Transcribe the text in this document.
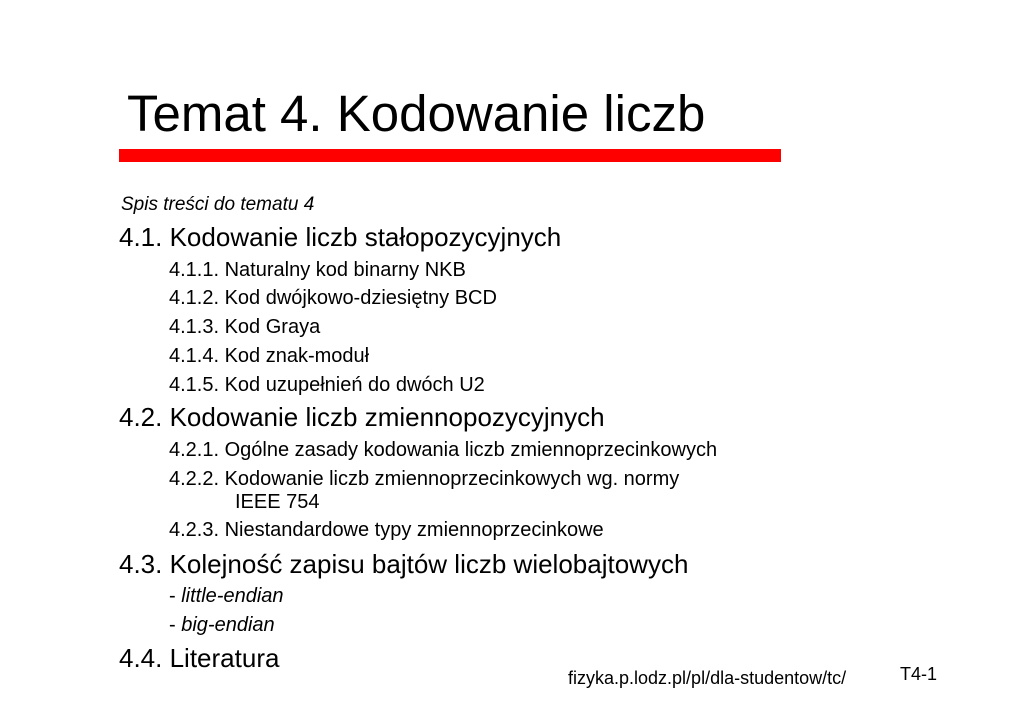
Temat 4. Kodowanie liczb
Spis treści do tematu 4
4.1. Kodowanie liczb stałopozycyjnych
4.1.1. Naturalny kod binarny NKB
4.1.2. Kod dwójkowo-dziesiętny BCD
4.1.3. Kod Graya
4.1.4. Kod znak-moduł
4.1.5. Kod uzupełnień do dwóch U2
4.2. Kodowanie liczb zmiennopozycyjnych
4.2.1. Ogólne zasady kodowania liczb zmiennoprzecinkowych
4.2.2. Kodowanie liczb zmiennoprzecinkowych wg. normy
IEEE 754
4.2.3. Niestandardowe typy zmiennoprzecinkowe
4.3. Kolejność zapisu bajtów liczb wielobajtowych
- little-endian
- big-endian
4.4. Literatura
fizyka.p.lodz.pl/pl/dla-studentow/tc/	T4-1
